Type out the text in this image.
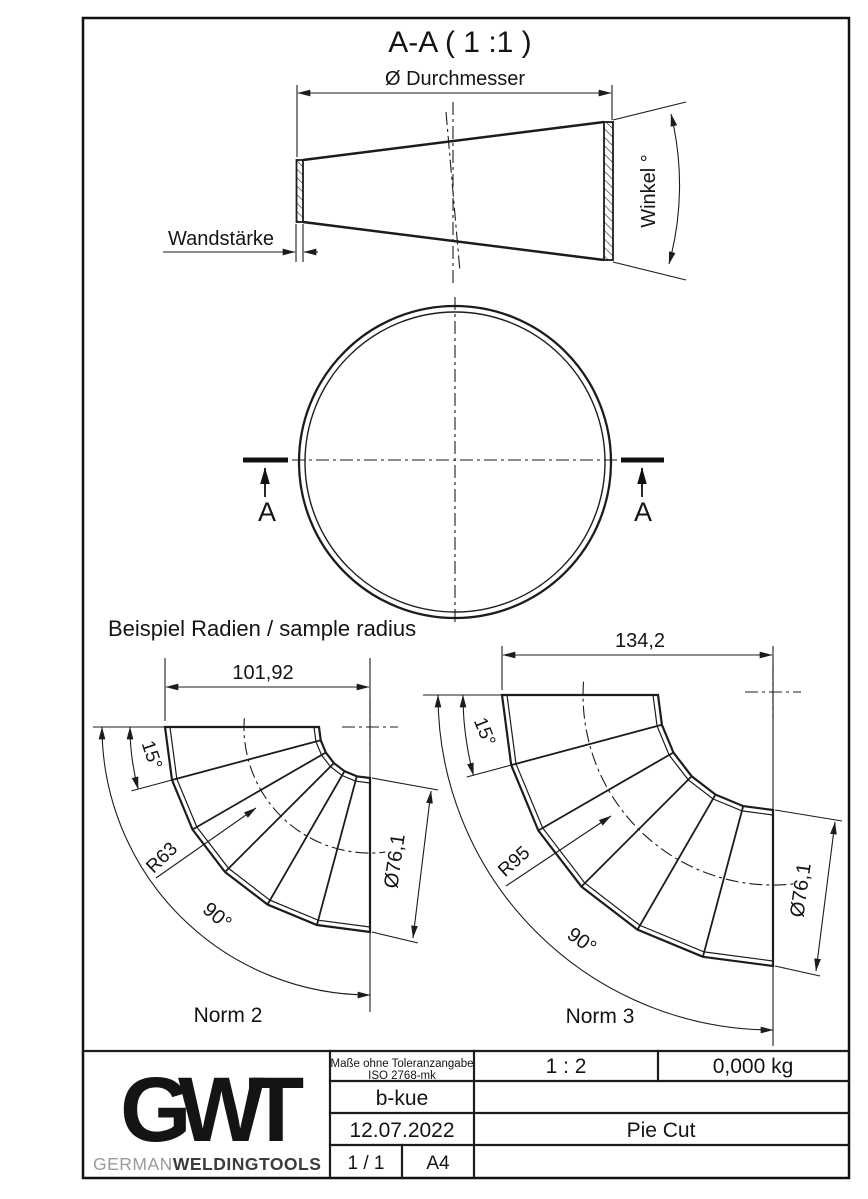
A-A ( 1 :1 )
Ø Durchmesser
Wandstärke
Winkel °
A	A
Beispiel Radien / sample radius
101,92
15°
90°
R63	Ø76,1
Norm 2
134,2
15°
90°
R95	Ø76,1
Norm 3
Maße ohne Toleranzangabe
ISO 2768-mk	1 : 2	0,000 kg
b-kue
12.07.2022	Pie Cut
1 / 1 A4
G
W
T
GERMANWELDINGTOOLS
